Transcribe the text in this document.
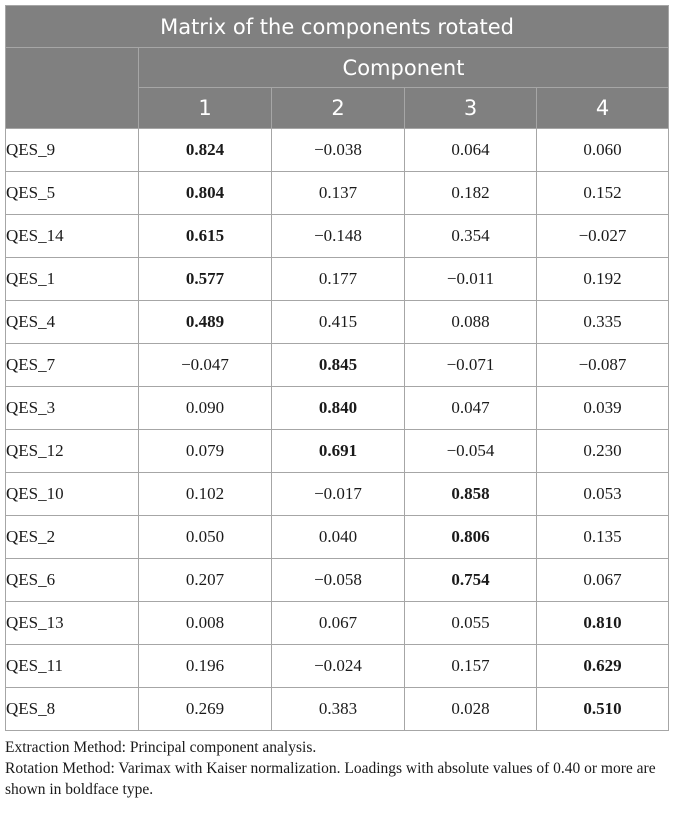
Matrix of the components rotated				
	Component			
	1	2	3	4
QES_9	0.824	−0.038	0.064	0.060
QES_5	0.804	0.137	0.182	0.152
QES_14	0.615	−0.148	0.354	−0.027
QES_1	0.577	0.177	−0.011	0.192
QES_4	0.489	0.415	0.088	0.335
QES_7	−0.047	0.845	−0.071	−0.087
QES_3	0.090	0.840	0.047	0.039
QES_12	0.079	0.691	−0.054	0.230
QES_10	0.102	−0.017	0.858	0.053
QES_2	0.050	0.040	0.806	0.135
QES_6	0.207	−0.058	0.754	0.067
QES_13	0.008	0.067	0.055	0.810
QES_11	0.196	−0.024	0.157	0.629
QES_8	0.269	0.383	0.028	0.510

Extraction Method: Principal component analysis.

Rotation Method: Varimax with Kaiser normalization. Loadings with absolute values of 0.40 or more are shown in boldface type.
